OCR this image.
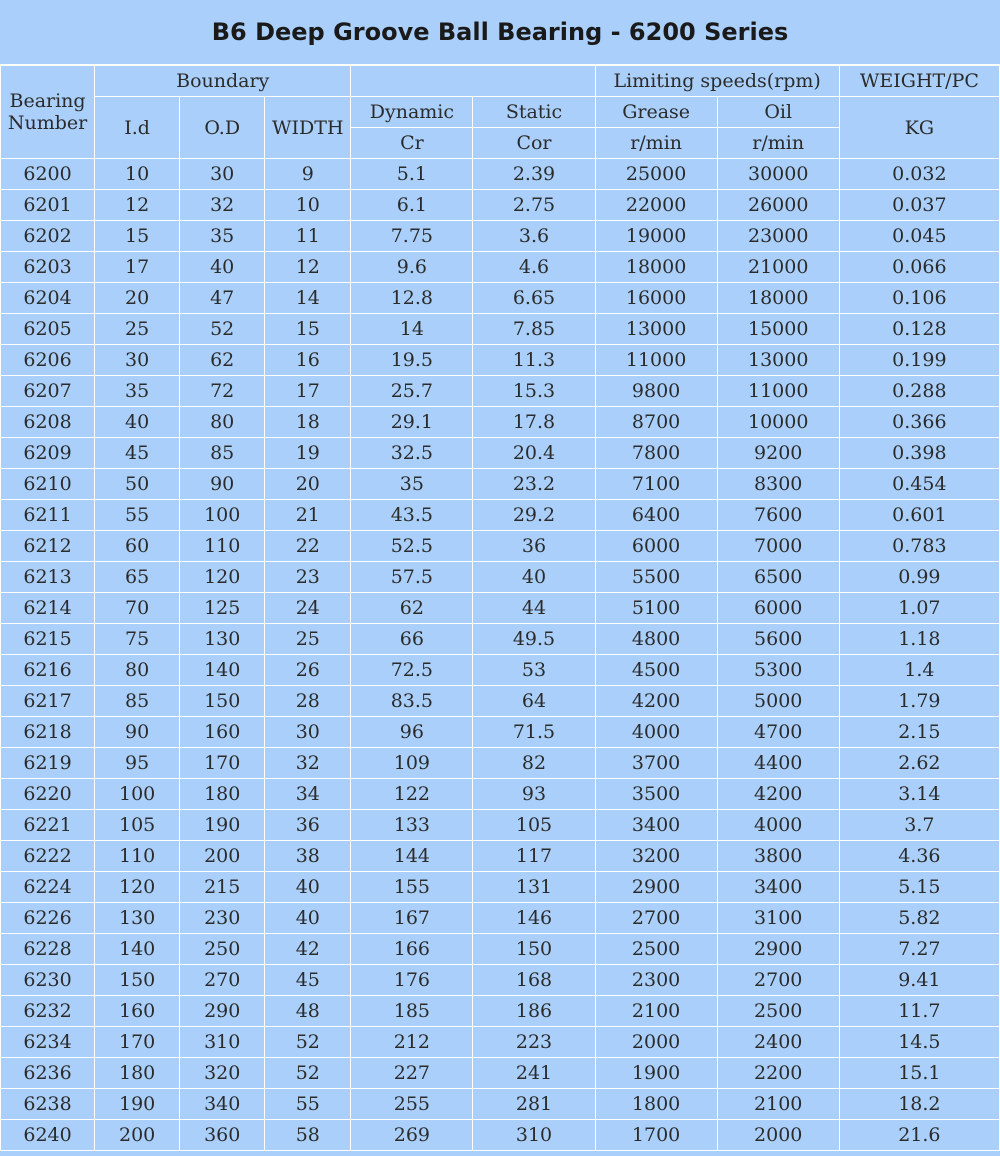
B6 Deep Groove Ball Bearing - 6200 Series
Bearing
Number	Boundary					Limiting speeds(rpm)		WEIGHT/PC
	I.d	O.D	WIDTH	Dynamic	Static	Grease	Oil	KG
				Cr	Cor	r/min	r/min	
6200	10	30	9	5.1	2.39	25000	30000	0.032
6201	12	32	10	6.1	2.75	22000	26000	0.037
6202	15	35	11	7.75	3.6	19000	23000	0.045
6203	17	40	12	9.6	4.6	18000	21000	0.066
6204	20	47	14	12.8	6.65	16000	18000	0.106
6205	25	52	15	14	7.85	13000	15000	0.128
6206	30	62	16	19.5	11.3	11000	13000	0.199
6207	35	72	17	25.7	15.3	9800	11000	0.288
6208	40	80	18	29.1	17.8	8700	10000	0.366
6209	45	85	19	32.5	20.4	7800	9200	0.398
6210	50	90	20	35	23.2	7100	8300	0.454
6211	55	100	21	43.5	29.2	6400	7600	0.601
6212	60	110	22	52.5	36	6000	7000	0.783
6213	65	120	23	57.5	40	5500	6500	0.99
6214	70	125	24	62	44	5100	6000	1.07
6215	75	130	25	66	49.5	4800	5600	1.18
6216	80	140	26	72.5	53	4500	5300	1.4
6217	85	150	28	83.5	64	4200	5000	1.79
6218	90	160	30	96	71.5	4000	4700	2.15
6219	95	170	32	109	82	3700	4400	2.62
6220	100	180	34	122	93	3500	4200	3.14
6221	105	190	36	133	105	3400	4000	3.7
6222	110	200	38	144	117	3200	3800	4.36
6224	120	215	40	155	131	2900	3400	5.15
6226	130	230	40	167	146	2700	3100	5.82
6228	140	250	42	166	150	2500	2900	7.27
6230	150	270	45	176	168	2300	2700	9.41
6232	160	290	48	185	186	2100	2500	11.7
6234	170	310	52	212	223	2000	2400	14.5
6236	180	320	52	227	241	1900	2200	15.1
6238	190	340	55	255	281	1800	2100	18.2
6240	200	360	58	269	310	1700	2000	21.6
